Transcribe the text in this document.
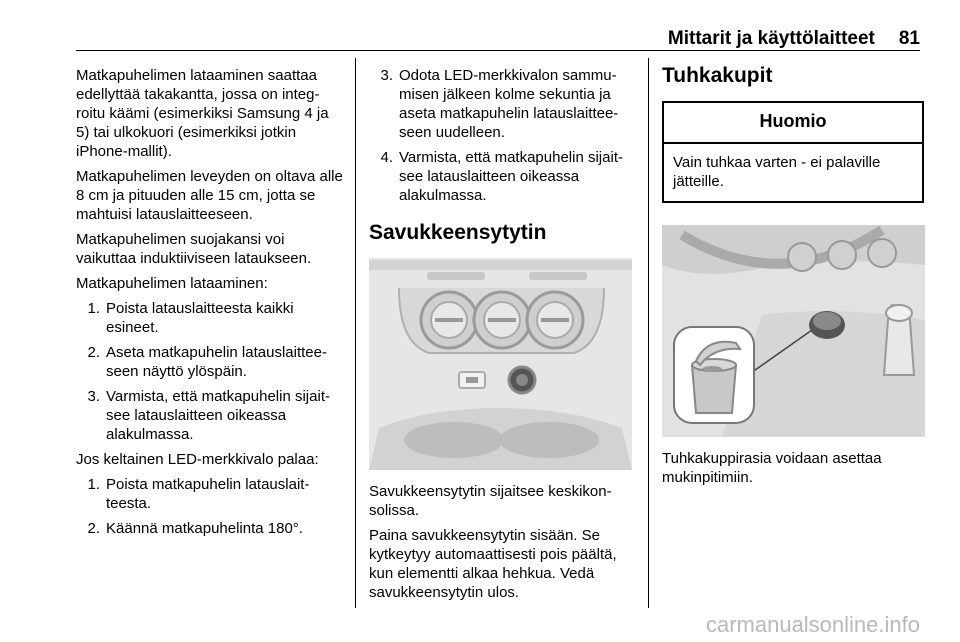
Mittarit ja käyttölaitteet 81

Matkapuhelimen lataaminen saattaa edellyttää takakantta, jossa on integ-roitu käämi (esimerkiksi Samsung 4 ja 5) tai ulkokuori (esimerkiksi jotkin iPhone-mallit).

Matkapuhelimen leveyden on oltava alle 8 cm ja pituuden alle 15 cm, jotta se mahtuisi latauslaitteeseen.

Matkapuhelimen suojakansi voi vaikuttaa induktiiviseen lataukseen.

Matkapuhelimen lataaminen:

1. Poista latauslaitteesta kaikki esineet.
2. Aseta matkapuhelin latauslaittee-seen näyttö ylöspäin.
3. Varmista, että matkapuhelin sijait-see latauslaitteen oikeassa alakulmassa.

Jos keltainen LED-merkkivalo palaa:

1. Poista matkapuhelin latauslait-teesta.
2. Käännä matkapuhelinta 180°.
3. Odota LED-merkkivalon sammu-misen jälkeen kolme sekuntia ja aseta matkapuhelin latauslaittee-seen uudelleen.
4. Varmista, että matkapuhelin sijait-see latauslaitteen oikeassa alakulmassa.
Savukkeensytytin

Savukkeensytytin sijaitsee keskikon-solissa.

Paina savukkeensytytin sisään. Se kytkeytyy automaattisesti pois päältä, kun elementti alkaa hehkua. Vedä savukkeensytytin ulos.

Tuhkakupit
Huomio
Vain tuhkaa varten - ei palaville jätteille.

Tuhkakuppirasia voidaan asettaa mukinpitimiin.

carmanualsonline.info
